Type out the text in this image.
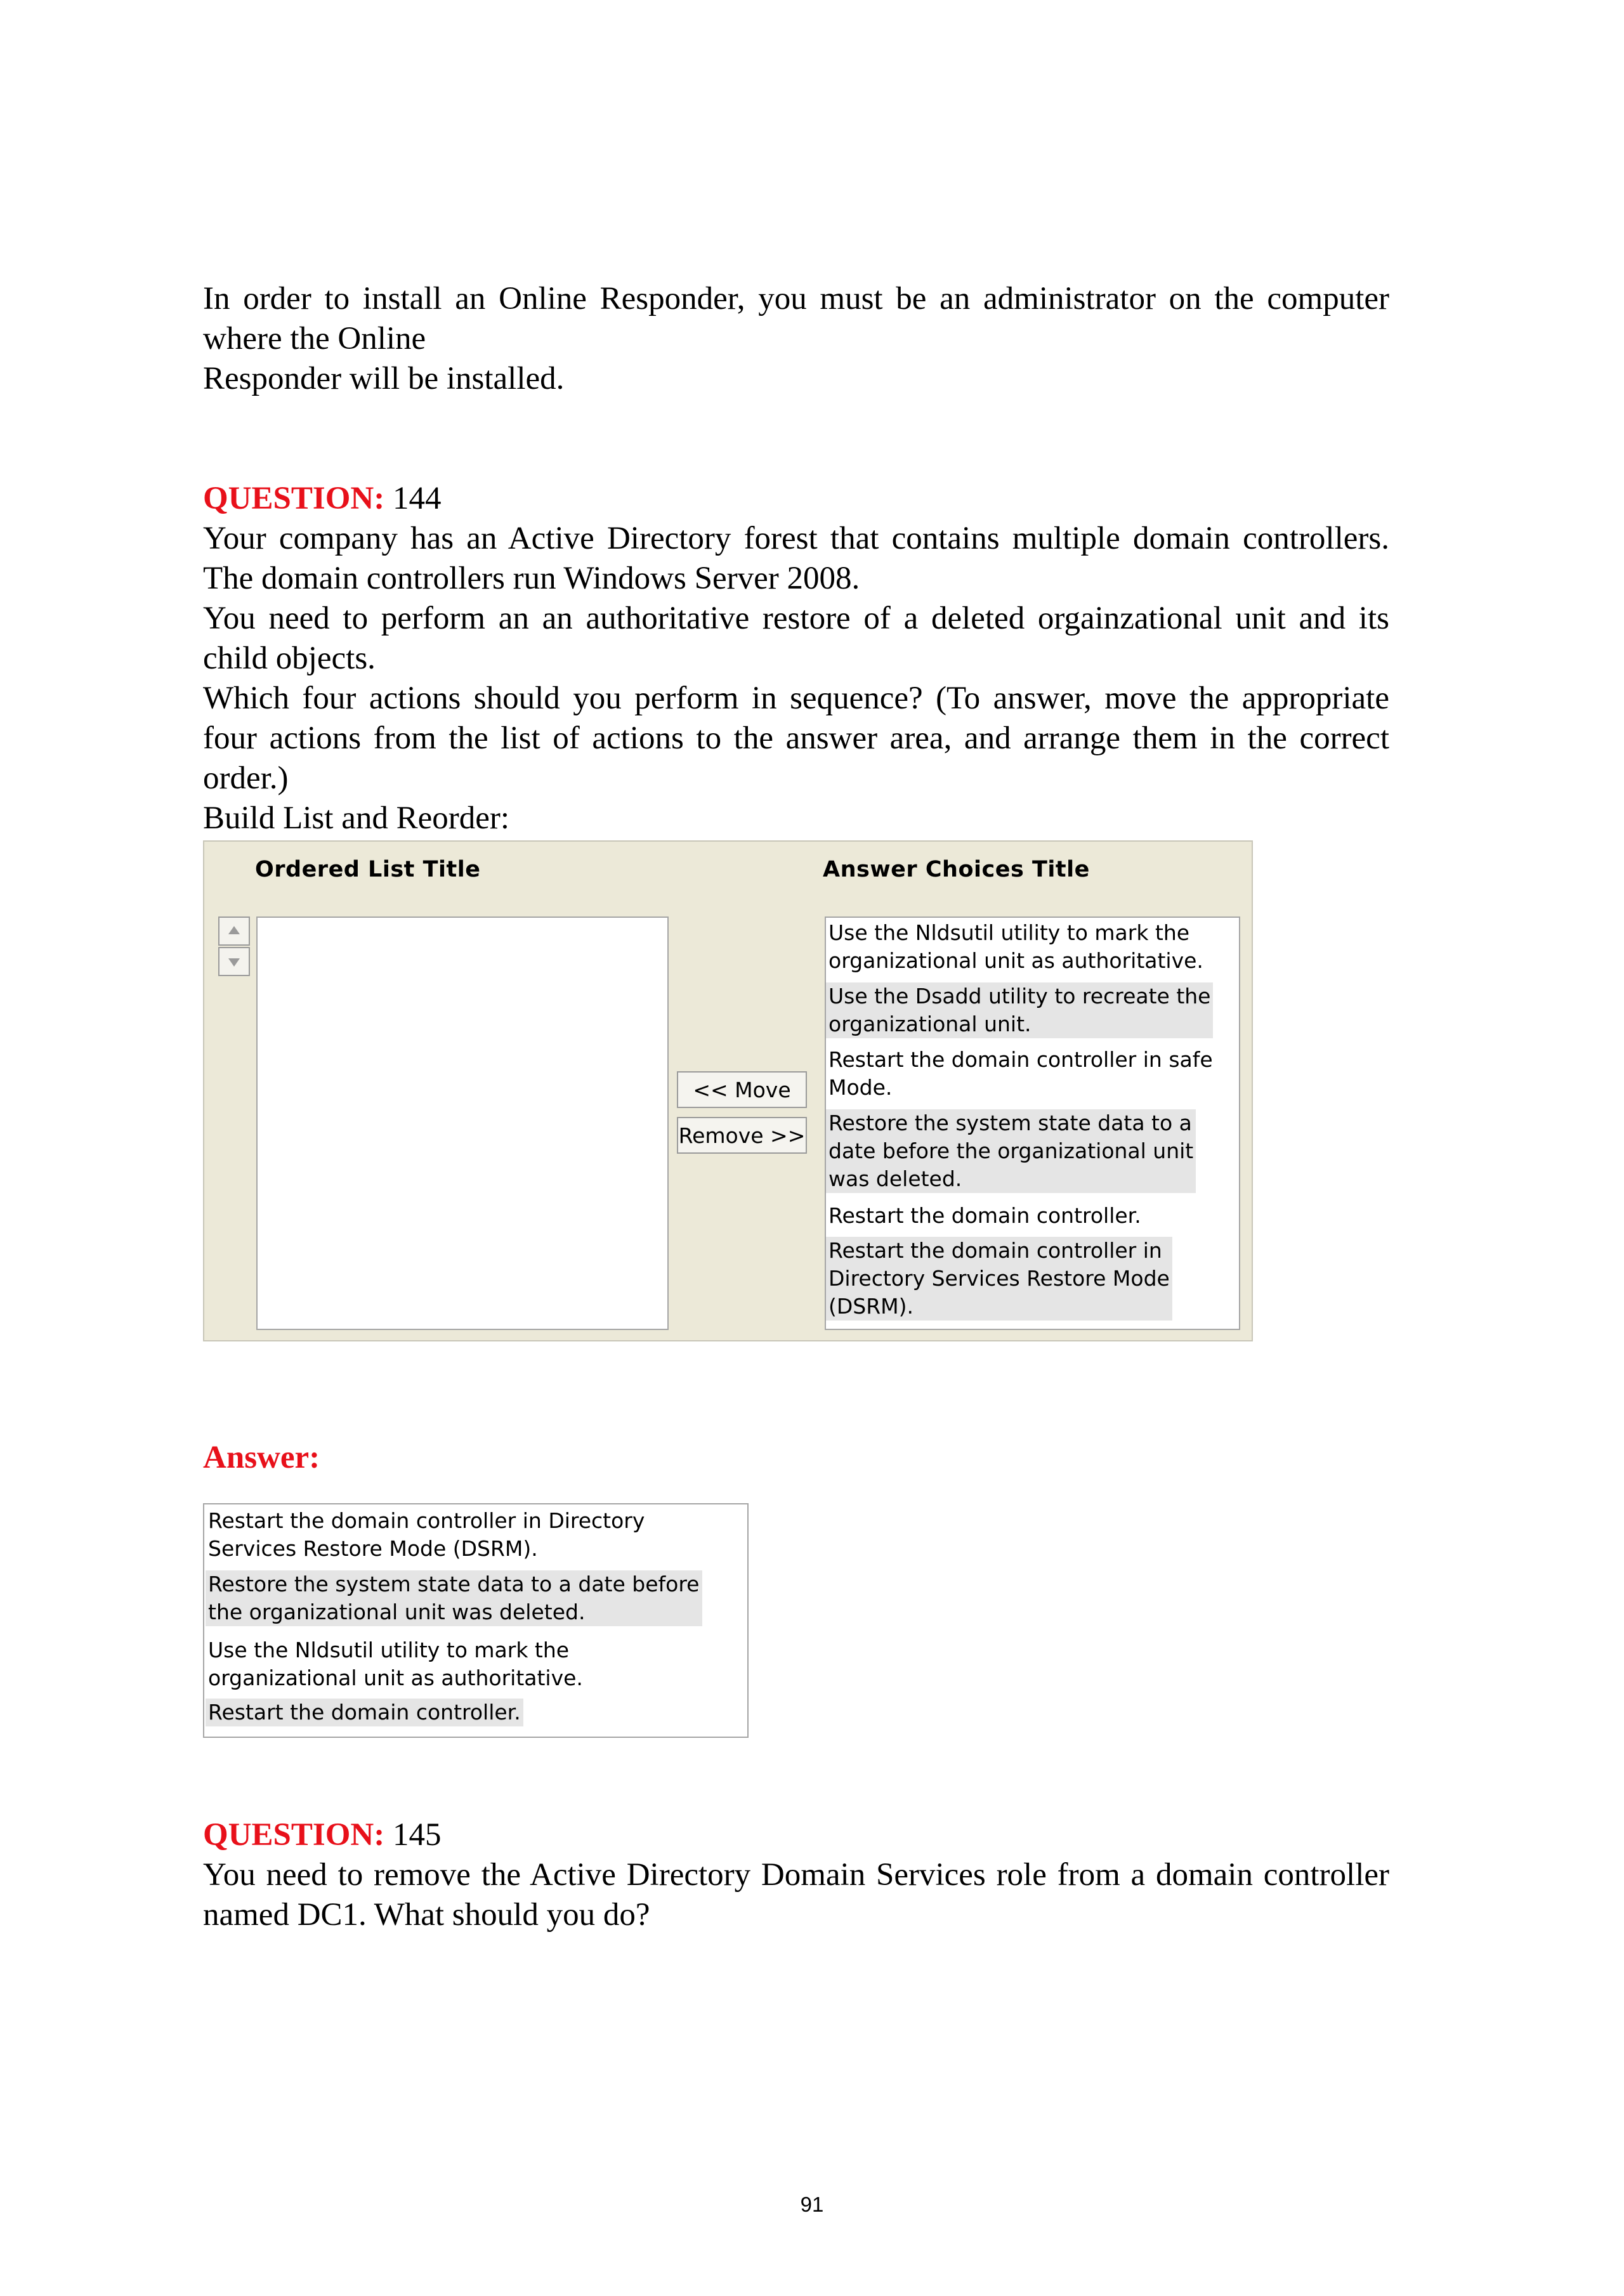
In order to install an Online Responder, you must be an administrator on the computer where the Online

Responder will be installed.

QUESTION: 144

Your company has an Active Directory forest that contains multiple domain controllers. The domain controllers run Windows Server 2008.

You need to perform an an authoritative restore of a deleted orgainzational unit and its child objects.

Which four actions should you perform in sequence? (To answer, move the appropriate four actions from the list of actions to the answer area, and arrange them in the correct order.)

Build List and Reorder:

Ordered List Title	Answer Choices Title
<< Move
Remove >>
Use the Nldsutil utility to mark the
organizational unit as authoritative.
Use the Dsadd utility to recreate the
organizational unit.
Restart the domain controller in safe
Mode.
Restore the system state data to a
date before the organizational unit
was deleted.
Restart the domain controller.
Restart the domain controller in
Directory Services Restore Mode
(DSRM).

Answer:

Restart the domain controller in Directory
Services Restore Mode (DSRM).
Restore the system state data to a date before
the organizational unit was deleted.
Use the Nldsutil utility to mark the
organizational unit as authoritative.
Restart the domain controller.

QUESTION: 145

You need to remove the Active Directory Domain Services role from a domain controller named DC1. What should you do?

91
